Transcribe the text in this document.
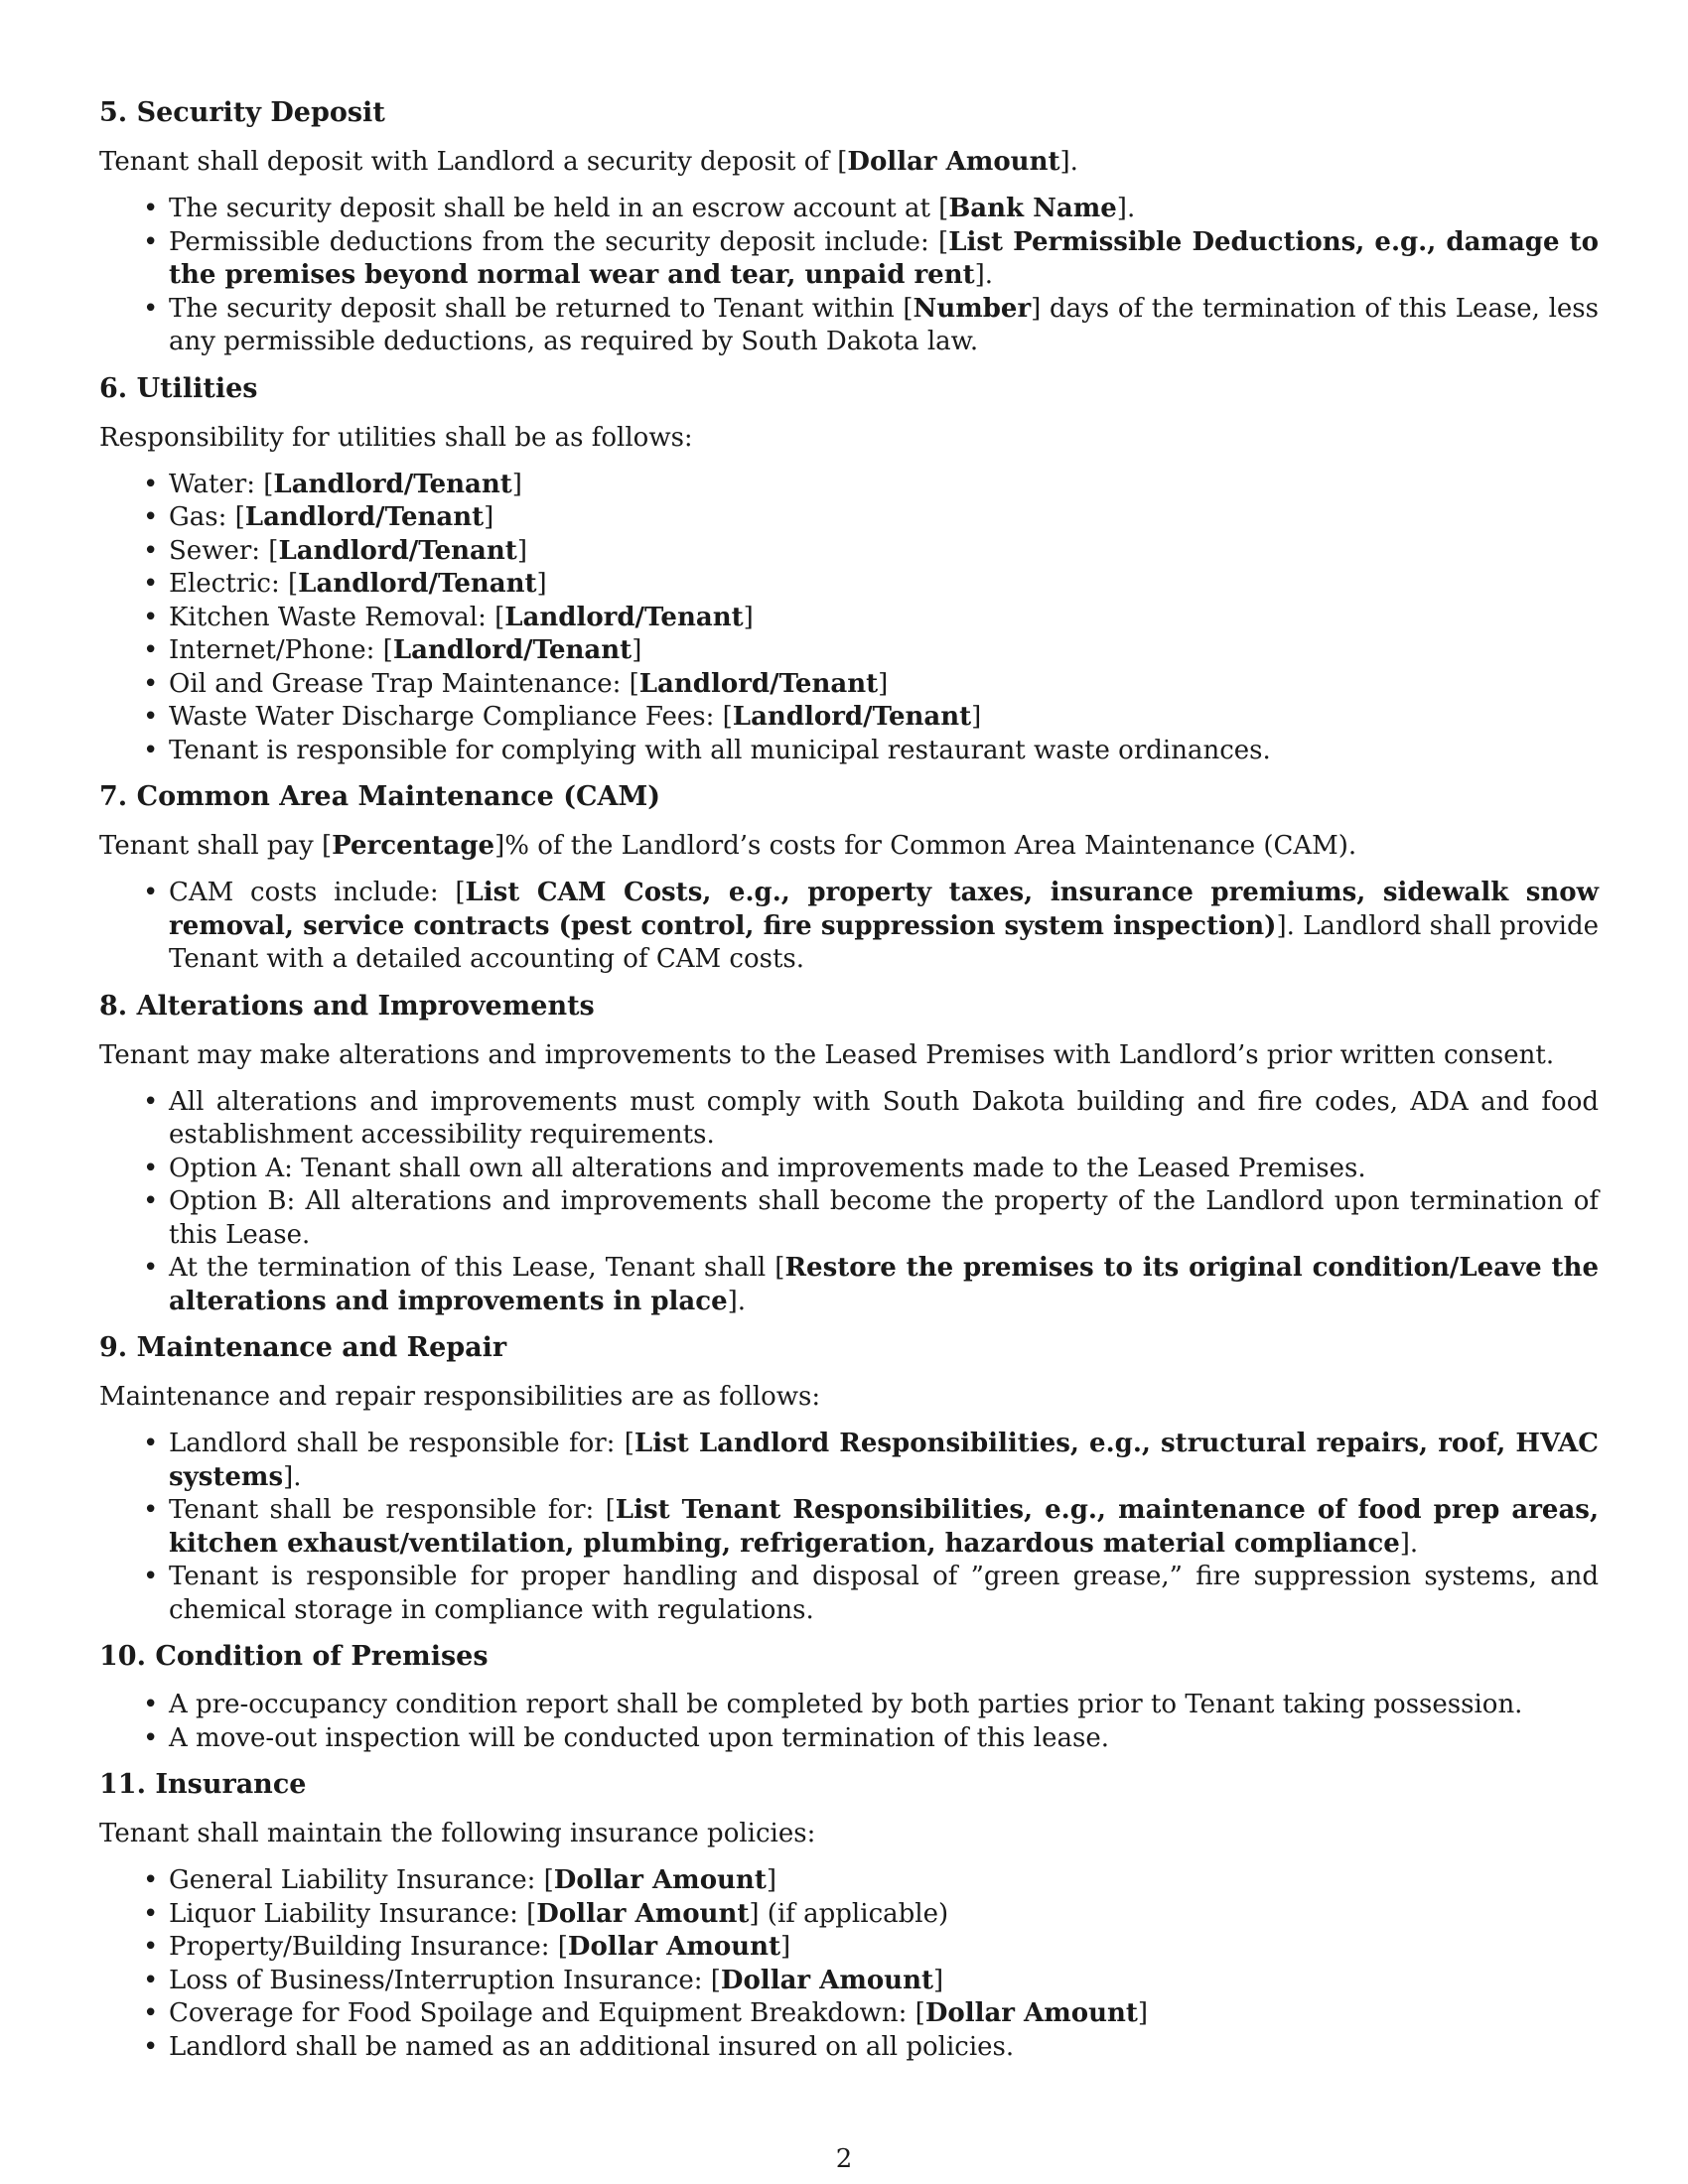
5. Security Deposit
Tenant shall deposit with Landlord a security deposit of [Dollar Amount].
• The security deposit shall be held in an escrow account at [Bank Name].
• Permissible deductions from the security deposit include: [List Permissible Deductions, e.g., damage to the premises beyond normal wear and tear, unpaid rent].
• The security deposit shall be returned to Tenant within [Number] days of the termination of this Lease, less any permissible deductions, as required by South Dakota law.
6. Utilities
Responsibility for utilities shall be as follows:
• Water: [Landlord/Tenant]
• Gas: [Landlord/Tenant]
• Sewer: [Landlord/Tenant]
• Electric: [Landlord/Tenant]
• Kitchen Waste Removal: [Landlord/Tenant]
• Internet/Phone: [Landlord/Tenant]
• Oil and Grease Trap Maintenance: [Landlord/Tenant]
• Waste Water Discharge Compliance Fees: [Landlord/Tenant]
• Tenant is responsible for complying with all municipal restaurant waste ordinances.
7. Common Area Maintenance (CAM)
Tenant shall pay [Percentage]% of the Landlord’s costs for Common Area Maintenance (CAM).
• CAM costs include: [List CAM Costs, e.g., property taxes, insurance premiums, sidewalk snow removal, service contracts (pest control, fire suppression system inspection)]. Landlord shall provide Tenant with a detailed accounting of CAM costs.
8. Alterations and Improvements
Tenant may make alterations and improvements to the Leased Premises with Landlord’s prior written consent.
• All alterations and improvements must comply with South Dakota building and fire codes, ADA and food establishment accessibility requirements.
• Option A: Tenant shall own all alterations and improvements made to the Leased Premises.
• Option B: All alterations and improvements shall become the property of the Landlord upon termination of this Lease.
• At the termination of this Lease, Tenant shall [Restore the premises to its original condition/Leave the alterations and improvements in place].
9. Maintenance and Repair
Maintenance and repair responsibilities are as follows:
• Landlord shall be responsible for: [List Landlord Responsibilities, e.g., structural repairs, roof, HVAC systems].
• Tenant shall be responsible for: [List Tenant Responsibilities, e.g., maintenance of food prep areas, kitchen exhaust/ventilation, plumbing, refrigeration, hazardous material compliance].
• Tenant is responsible for proper handling and disposal of ”green grease,” fire suppression systems, and chemical storage in compliance with regulations.
10. Condition of Premises
• A pre-occupancy condition report shall be completed by both parties prior to Tenant taking possession.
• A move-out inspection will be conducted upon termination of this lease.
11. Insurance
Tenant shall maintain the following insurance policies:
• General Liability Insurance: [Dollar Amount]
• Liquor Liability Insurance: [Dollar Amount] (if applicable)
• Property/Building Insurance: [Dollar Amount]
• Loss of Business/Interruption Insurance: [Dollar Amount]
• Coverage for Food Spoilage and Equipment Breakdown: [Dollar Amount]
• Landlord shall be named as an additional insured on all policies.
2
